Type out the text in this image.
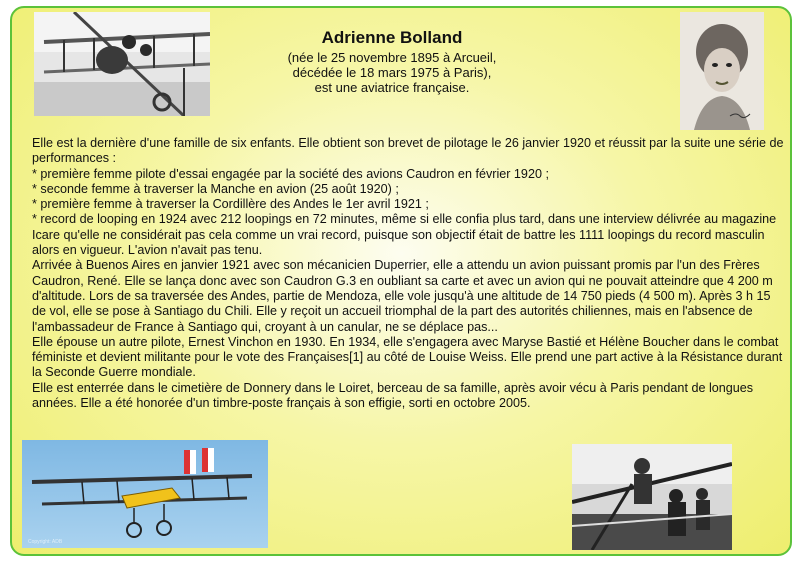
Adrienne Bolland
(née le 25 novembre 1895 à Arcueil,
décédée le 18 mars 1975 à Paris),
est une aviatrice française.

Elle est la dernière d'une famille de six enfants. Elle obtient son brevet de pilotage le 26 janvier 1920 et réussit par la suite une série de performances :

* première femme pilote d'essai engagée par la société des avions Caudron en février 1920 ;

* seconde femme à traverser la Manche en avion (25 août 1920) ;

* première femme à traverser la Cordillère des Andes le 1er avril 1921 ;

* record de looping en 1924 avec 212 loopings en 72 minutes, même si elle confia plus tard, dans une interview délivrée au magazine Icare qu'elle ne considérait pas cela comme un vrai record, puisque son objectif était de battre les 1111 loopings du record masculin alors en vigueur. L'avion n'avait pas tenu.

Arrivée à Buenos Aires en janvier 1921 avec son mécanicien Duperrier, elle a attendu un avion puissant promis par l'un des Frères Caudron, René. Elle se lança donc avec son Caudron G.3 en oubliant sa carte et avec un avion qui ne pouvait atteindre que 4 200 m d'altitude. Lors de sa traversée des Andes, partie de Mendoza, elle vole jusqu'à une altitude de 14 750 pieds (4 500 m). Après 3 h 15 de vol, elle se pose à Santiago du Chili. Elle y reçoit un accueil triomphal de la part des autorités chiliennes, mais en l'absence de l'ambassadeur de France à Santiago qui, croyant à un canular, ne se déplace pas...

Elle épouse un autre pilote, Ernest Vinchon en 1930. En 1934, elle s'engagera avec Maryse Bastié et Hélène Boucher dans le combat féministe et devient militante pour le vote des Françaises[1] au côté de Louise Weiss. Elle prend une part active à la Résistance durant la Seconde Guerre mondiale.

Elle est enterrée dans le cimetière de Donnery dans le Loiret, berceau de sa famille, après avoir vécu à Paris pendant de longues années. Elle a été honorée d'un timbre-poste français à son effigie, sorti en octobre 2005.

Copyright: ADB
